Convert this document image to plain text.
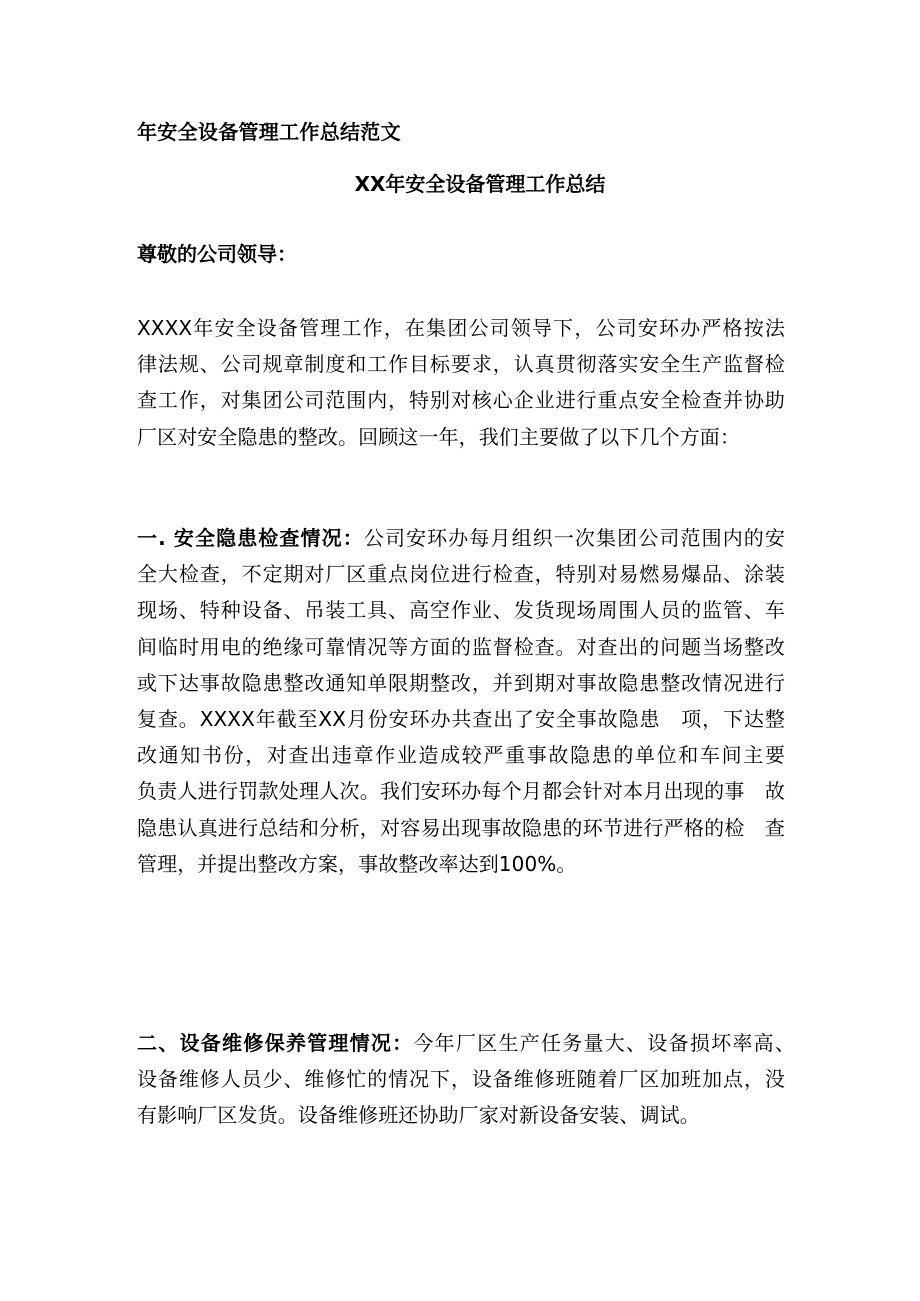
年安全设备管理工作总结范文
XX年安全设备管理工作总结
尊敬的公司领导：
XXXX年安全设备管理工作，在集团公司领导下，公司安环办严格按法　　律法规、公司规章制度和工作目标要求，认真贯彻落实安全生产监督检　查工作，对集团公司范围内，特别对核心企业进行重点安全检查并协助　厂区对安全隐患的整改。回顾这一年，我们主要做了以下几个方面：
一. 安全隐患检查情况：公司安环办每月组织一次集团公司范围内的安　全大检查，不定期对厂区重点岗位进行检查，特别对易燃易爆品、涂装　现场、特种设备、吊装工具、高空作业、发货现场周围人员的监管、车　间临时用电的绝缘可靠情况等方面的监督检查。对查出的问题当场整改　或下达事故隐患整改通知单限期整改，并到期对事故隐患整改情况进行　　复查。XXXX年截至XX月份安环办共查出了安全事故隐患　项，下达整　改通知书份，对查出违章作业造成较严重事故隐患的单位和车间主要　　负责人进行罚款处理人次。我们安环办每个月都会针对本月出现的事　故隐患认真进行总结和分析，对容易出现事故隐患的环节进行严格的检　查管理，并提出整改方案，事故整改率达到100%。
二、设备维修保养管理情况：今年厂区生产任务量大、设备损坏率高、　设备维修人员少、维修忙的情况下，设备维修班随着厂区加班加点，没　有影响厂区发货。设备维修班还协助厂家对新设备安装、调试。
